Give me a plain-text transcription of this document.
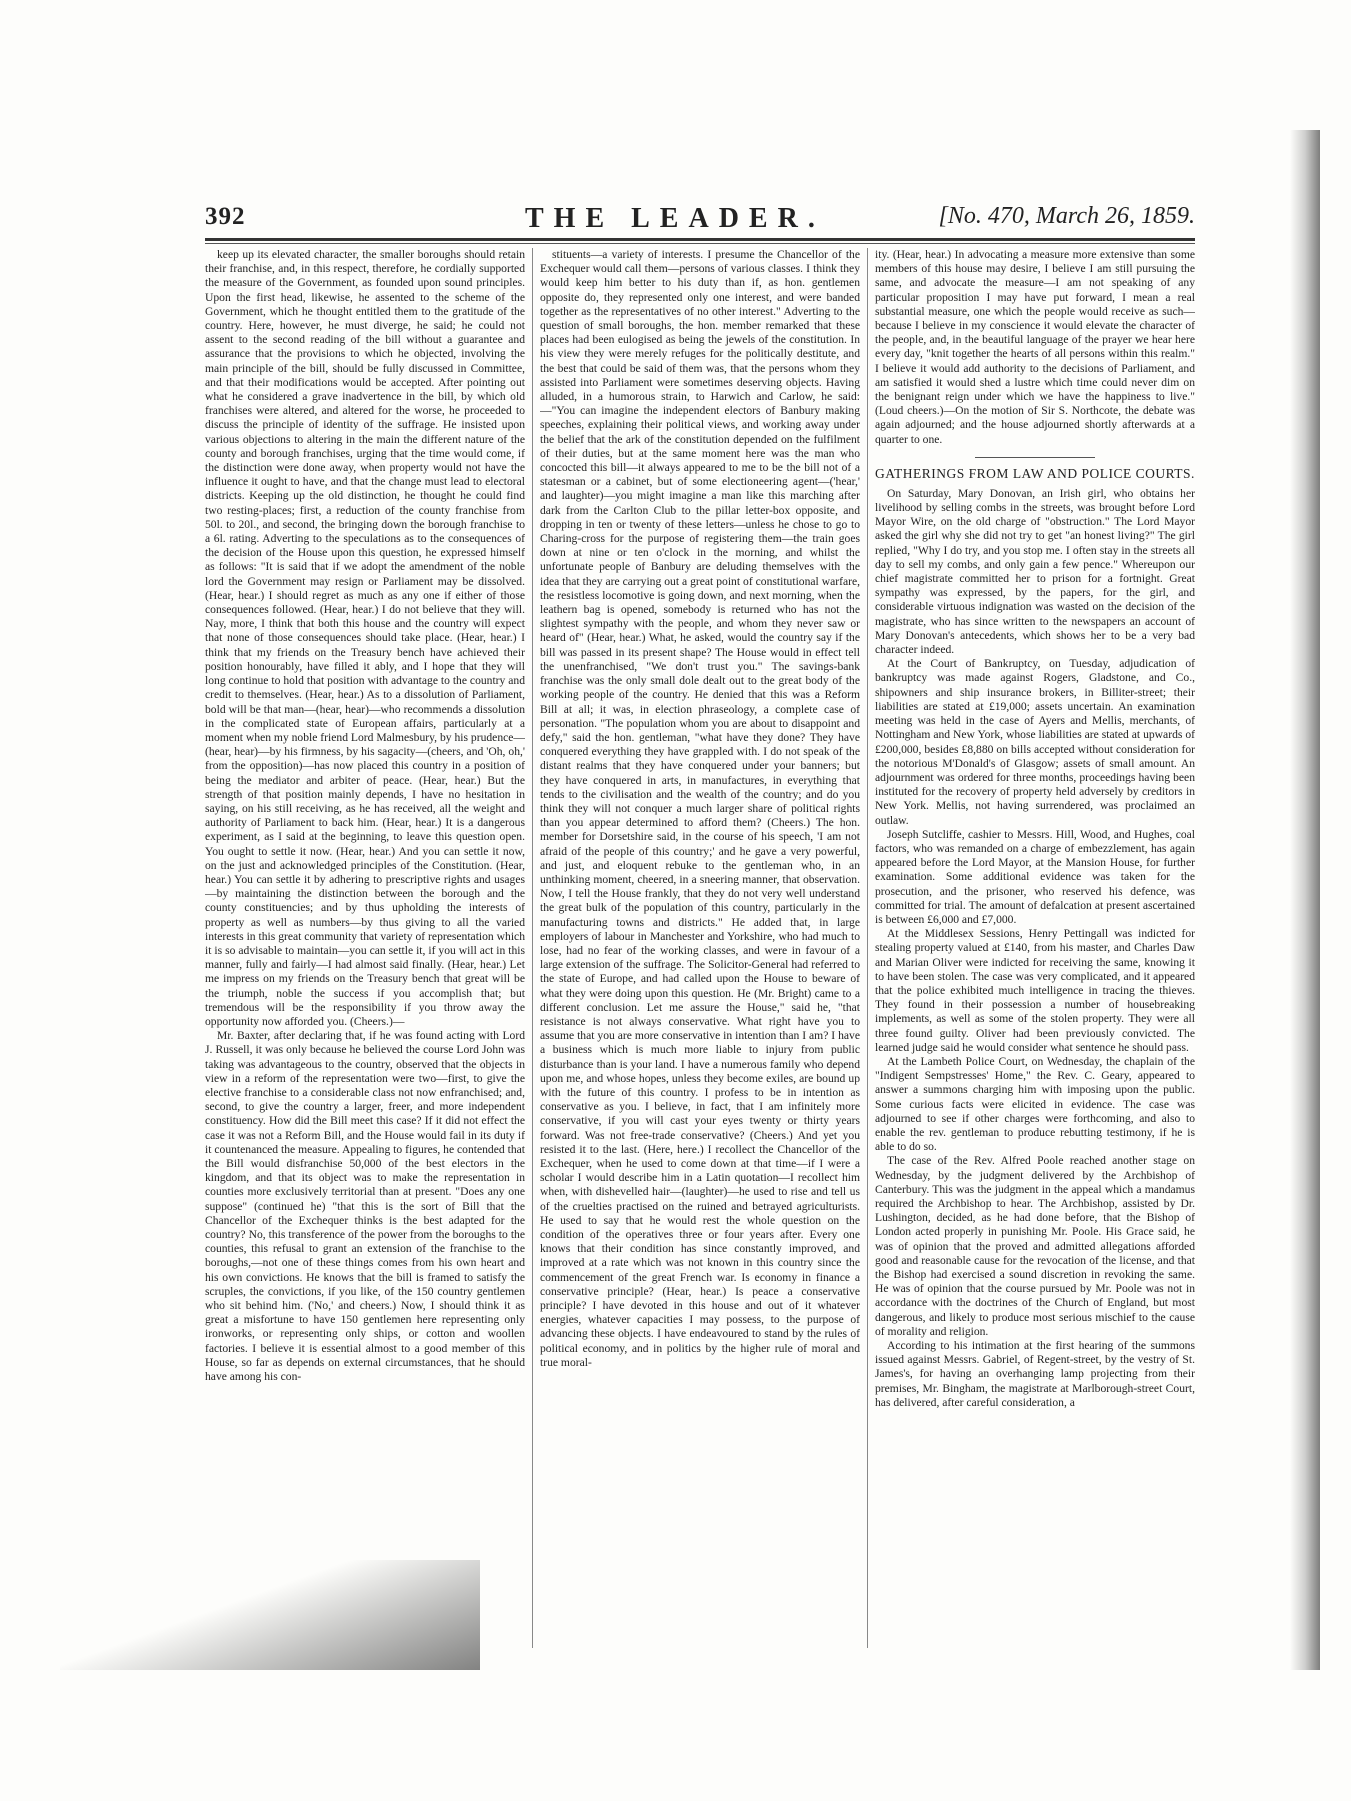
392	THE LEADER.	[No. 470, March 26, 1859.

keep up its elevated character, the smaller boroughs should retain their franchise, and, in this respect, therefore, he cordially supported the measure of the Government, as founded upon sound principles. Upon the first head, likewise, he assented to the scheme of the Government, which he thought entitled them to the gratitude of the country. Here, however, he must diverge, he said; he could not assent to the second reading of the bill without a guarantee and assurance that the provisions to which he objected, involving the main principle of the bill, should be fully discussed in Committee, and that their modifications would be accepted. After pointing out what he considered a grave inadvertence in the bill, by which old franchises were altered, and altered for the worse, he proceeded to discuss the principle of identity of the suffrage. He insisted upon various objections to altering in the main the different nature of the county and borough franchises, urging that the time would come, if the distinction were done away, when property would not have the influence it ought to have, and that the change must lead to electoral districts. Keeping up the old distinction, he thought he could find two resting-places; first, a reduction of the county franchise from 50l. to 20l., and second, the bringing down the borough franchise to a 6l. rating. Adverting to the speculations as to the consequences of the decision of the House upon this question, he expressed himself as follows: "It is said that if we adopt the amendment of the noble lord the Government may resign or Parliament may be dissolved. (Hear, hear.) I should regret as much as any one if either of those consequences followed. (Hear, hear.) I do not believe that they will. Nay, more, I think that both this house and the country will expect that none of those consequences should take place. (Hear, hear.) I think that my friends on the Treasury bench have achieved their position honourably, have filled it ably, and I hope that they will long continue to hold that position with advantage to the country and credit to themselves. (Hear, hear.) As to a dissolution of Parliament, bold will be that man—(hear, hear)—who recommends a dissolution in the complicated state of European affairs, particularly at a moment when my noble friend Lord Malmesbury, by his prudence—(hear, hear)—by his firmness, by his sagacity—(cheers, and 'Oh, oh,' from the opposition)—has now placed this country in a position of being the mediator and arbiter of peace. (Hear, hear.) But the strength of that position mainly depends, I have no hesitation in saying, on his still receiving, as he has received, all the weight and authority of Parliament to back him. (Hear, hear.) It is a dangerous experiment, as I said at the beginning, to leave this question open. You ought to settle it now. (Hear, hear.) And you can settle it now, on the just and acknowledged principles of the Constitution. (Hear, hear.) You can settle it by adhering to prescriptive rights and usages—by maintaining the distinction between the borough and the county constituencies; and by thus upholding the interests of property as well as numbers—by thus giving to all the varied interests in this great community that variety of representation which it is so advisable to maintain—you can settle it, if you will act in this manner, fully and fairly—I had almost said finally. (Hear, hear.) Let me impress on my friends on the Treasury bench that great will be the triumph, noble the success if you accomplish that; but tremendous will be the responsibility if you throw away the opportunity now afforded you. (Cheers.)—

Mr. Baxter, after declaring that, if he was found acting with Lord J. Russell, it was only because he believed the course Lord John was taking was advantageous to the country, observed that the objects in view in a reform of the representation were two—first, to give the elective franchise to a considerable class not now enfranchised; and, second, to give the country a larger, freer, and more independent constituency. How did the Bill meet this case? If it did not effect the case it was not a Reform Bill, and the House would fail in its duty if it countenanced the measure. Appealing to figures, he contended that the Bill would disfranchise 50,000 of the best electors in the kingdom, and that its object was to make the representation in counties more exclusively territorial than at present. "Does any one suppose" (continued he) "that this is the sort of Bill that the Chancellor of the Exchequer thinks is the best adapted for the country? No, this transference of the power from the boroughs to the counties, this refusal to grant an extension of the franchise to the boroughs,—not one of these things comes from his own heart and his own convictions. He knows that the bill is framed to satisfy the scruples, the convictions, if you like, of the 150 country gentlemen who sit behind him. ('No,' and cheers.) Now, I should think it as great a misfortune to have 150 gentlemen here representing only ironworks, or representing only ships, or cotton and woollen factories. I believe it is essential almost to a good member of this House, so far as depends on external circumstances, that he should have among his con-

stituents—a variety of interests. I presume the Chancellor of the Exchequer would call them—persons of various classes. I think they would keep him better to his duty than if, as hon. gentlemen opposite do, they represented only one interest, and were banded together as the representatives of no other interest." Adverting to the question of small boroughs, the hon. member remarked that these places had been eulogised as being the jewels of the constitution. In his view they were merely refuges for the politically destitute, and the best that could be said of them was, that the persons whom they assisted into Parliament were sometimes deserving objects. Having alluded, in a humorous strain, to Harwich and Carlow, he said:—"You can imagine the independent electors of Banbury making speeches, explaining their political views, and working away under the belief that the ark of the constitution depended on the fulfilment of their duties, but at the same moment here was the man who concocted this bill—it always appeared to me to be the bill not of a statesman or a cabinet, but of some electioneering agent—('hear,' and laughter)—you might imagine a man like this marching after dark from the Carlton Club to the pillar letter-box opposite, and dropping in ten or twenty of these letters—unless he chose to go to Charing-cross for the purpose of registering them—the train goes down at nine or ten o'clock in the morning, and whilst the unfortunate people of Banbury are deluding themselves with the idea that they are carrying out a great point of constitutional warfare, the resistless locomotive is going down, and next morning, when the leathern bag is opened, somebody is returned who has not the slightest sympathy with the people, and whom they never saw or heard of" (Hear, hear.) What, he asked, would the country say if the bill was passed in its present shape? The House would in effect tell the unenfranchised, "We don't trust you." The savings-bank franchise was the only small dole dealt out to the great body of the working people of the country. He denied that this was a Reform Bill at all; it was, in election phraseology, a complete case of personation. "The population whom you are about to disappoint and defy," said the hon. gentleman, "what have they done? They have conquered everything they have grappled with. I do not speak of the distant realms that they have conquered under your banners; but they have conquered in arts, in manufactures, in everything that tends to the civilisation and the wealth of the country; and do you think they will not conquer a much larger share of political rights than you appear determined to afford them? (Cheers.) The hon. member for Dorsetshire said, in the course of his speech, 'I am not afraid of the people of this country;' and he gave a very powerful, and just, and eloquent rebuke to the gentleman who, in an unthinking moment, cheered, in a sneering manner, that observation. Now, I tell the House frankly, that they do not very well understand the great bulk of the population of this country, particularly in the manufacturing towns and districts." He added that, in large employers of labour in Manchester and Yorkshire, who had much to lose, had no fear of the working classes, and were in favour of a large extension of the suffrage. The Solicitor-General had referred to the state of Europe, and had called upon the House to beware of what they were doing upon this question. He (Mr. Bright) came to a different conclusion. Let me assure the House," said he, "that resistance is not always conservative. What right have you to assume that you are more conservative in intention than I am? I have a business which is much more liable to injury from public disturbance than is your land. I have a numerous family who depend upon me, and whose hopes, unless they become exiles, are bound up with the future of this country. I profess to be in intention as conservative as you. I believe, in fact, that I am infinitely more conservative, if you will cast your eyes twenty or thirty years forward. Was not free-trade conservative? (Cheers.) And yet you resisted it to the last. (Here, here.) I recollect the Chancellor of the Exchequer, when he used to come down at that time—if I were a scholar I would describe him in a Latin quotation—I recollect him when, with dishevelled hair—(laughter)—he used to rise and tell us of the cruelties practised on the ruined and betrayed agriculturists. He used to say that he would rest the whole question on the condition of the operatives three or four years after. Every one knows that their condition has since constantly improved, and improved at a rate which was not known in this country since the commencement of the great French war. Is economy in finance a conservative principle? (Hear, hear.) Is peace a conservative principle? I have devoted in this house and out of it whatever energies, whatever capacities I may possess, to the purpose of advancing these objects. I have endeavoured to stand by the rules of political economy, and in politics by the higher rule of moral and true moral-

ity. (Hear, hear.) In advocating a measure more extensive than some members of this house may desire, I believe I am still pursuing the same, and advocate the measure—I am not speaking of any particular proposition I may have put forward, I mean a real substantial measure, one which the people would receive as such—because I believe in my conscience it would elevate the character of the people, and, in the beautiful language of the prayer we hear here every day, "knit together the hearts of all persons within this realm." I believe it would add authority to the decisions of Parliament, and am satisfied it would shed a lustre which time could never dim on the benignant reign under which we have the happiness to live." (Loud cheers.)—On the motion of Sir S. Northcote, the debate was again adjourned; and the house adjourned shortly afterwards at a quarter to one.

GATHERINGS FROM LAW AND POLICE COURTS.

On Saturday, Mary Donovan, an Irish girl, who obtains her livelihood by selling combs in the streets, was brought before Lord Mayor Wire, on the old charge of "obstruction." The Lord Mayor asked the girl why she did not try to get "an honest living?" The girl replied, "Why I do try, and you stop me. I often stay in the streets all day to sell my combs, and only gain a few pence." Whereupon our chief magistrate committed her to prison for a fortnight. Great sympathy was expressed, by the papers, for the girl, and considerable virtuous indignation was wasted on the decision of the magistrate, who has since written to the newspapers an account of Mary Donovan's antecedents, which shows her to be a very bad character indeed.

At the Court of Bankruptcy, on Tuesday, adjudication of bankruptcy was made against Rogers, Gladstone, and Co., shipowners and ship insurance brokers, in Billiter-street; their liabilities are stated at £19,000; assets uncertain. An examination meeting was held in the case of Ayers and Mellis, merchants, of Nottingham and New York, whose liabilities are stated at upwards of £200,000, besides £8,880 on bills accepted without consideration for the notorious M'Donald's of Glasgow; assets of small amount. An adjournment was ordered for three months, proceedings having been instituted for the recovery of property held adversely by creditors in New York. Mellis, not having surrendered, was proclaimed an outlaw.

Joseph Sutcliffe, cashier to Messrs. Hill, Wood, and Hughes, coal factors, who was remanded on a charge of embezzlement, has again appeared before the Lord Mayor, at the Mansion House, for further examination. Some additional evidence was taken for the prosecution, and the prisoner, who reserved his defence, was committed for trial. The amount of defalcation at present ascertained is between £6,000 and £7,000.

At the Middlesex Sessions, Henry Pettingall was indicted for stealing property valued at £140, from his master, and Charles Daw and Marian Oliver were indicted for receiving the same, knowing it to have been stolen. The case was very complicated, and it appeared that the police exhibited much intelligence in tracing the thieves. They found in their possession a number of housebreaking implements, as well as some of the stolen property. They were all three found guilty. Oliver had been previously convicted. The learned judge said he would consider what sentence he should pass.

At the Lambeth Police Court, on Wednesday, the chaplain of the "Indigent Sempstresses' Home," the Rev. C. Geary, appeared to answer a summons charging him with imposing upon the public. Some curious facts were elicited in evidence. The case was adjourned to see if other charges were forthcoming, and also to enable the rev. gentleman to produce rebutting testimony, if he is able to do so.

The case of the Rev. Alfred Poole reached another stage on Wednesday, by the judgment delivered by the Archbishop of Canterbury. This was the judgment in the appeal which a mandamus required the Archbishop to hear. The Archbishop, assisted by Dr. Lushington, decided, as he had done before, that the Bishop of London acted properly in punishing Mr. Poole. His Grace said, he was of opinion that the proved and admitted allegations afforded good and reasonable cause for the revocation of the license, and that the Bishop had exercised a sound discretion in revoking the same. He was of opinion that the course pursued by Mr. Poole was not in accordance with the doctrines of the Church of England, but most dangerous, and likely to produce most serious mischief to the cause of morality and religion.

According to his intimation at the first hearing of the summons issued against Messrs. Gabriel, of Regent-street, by the vestry of St. James's, for having an overhanging lamp projecting from their premises, Mr. Bingham, the magistrate at Marlborough-street Court, has delivered, after careful consideration, a
